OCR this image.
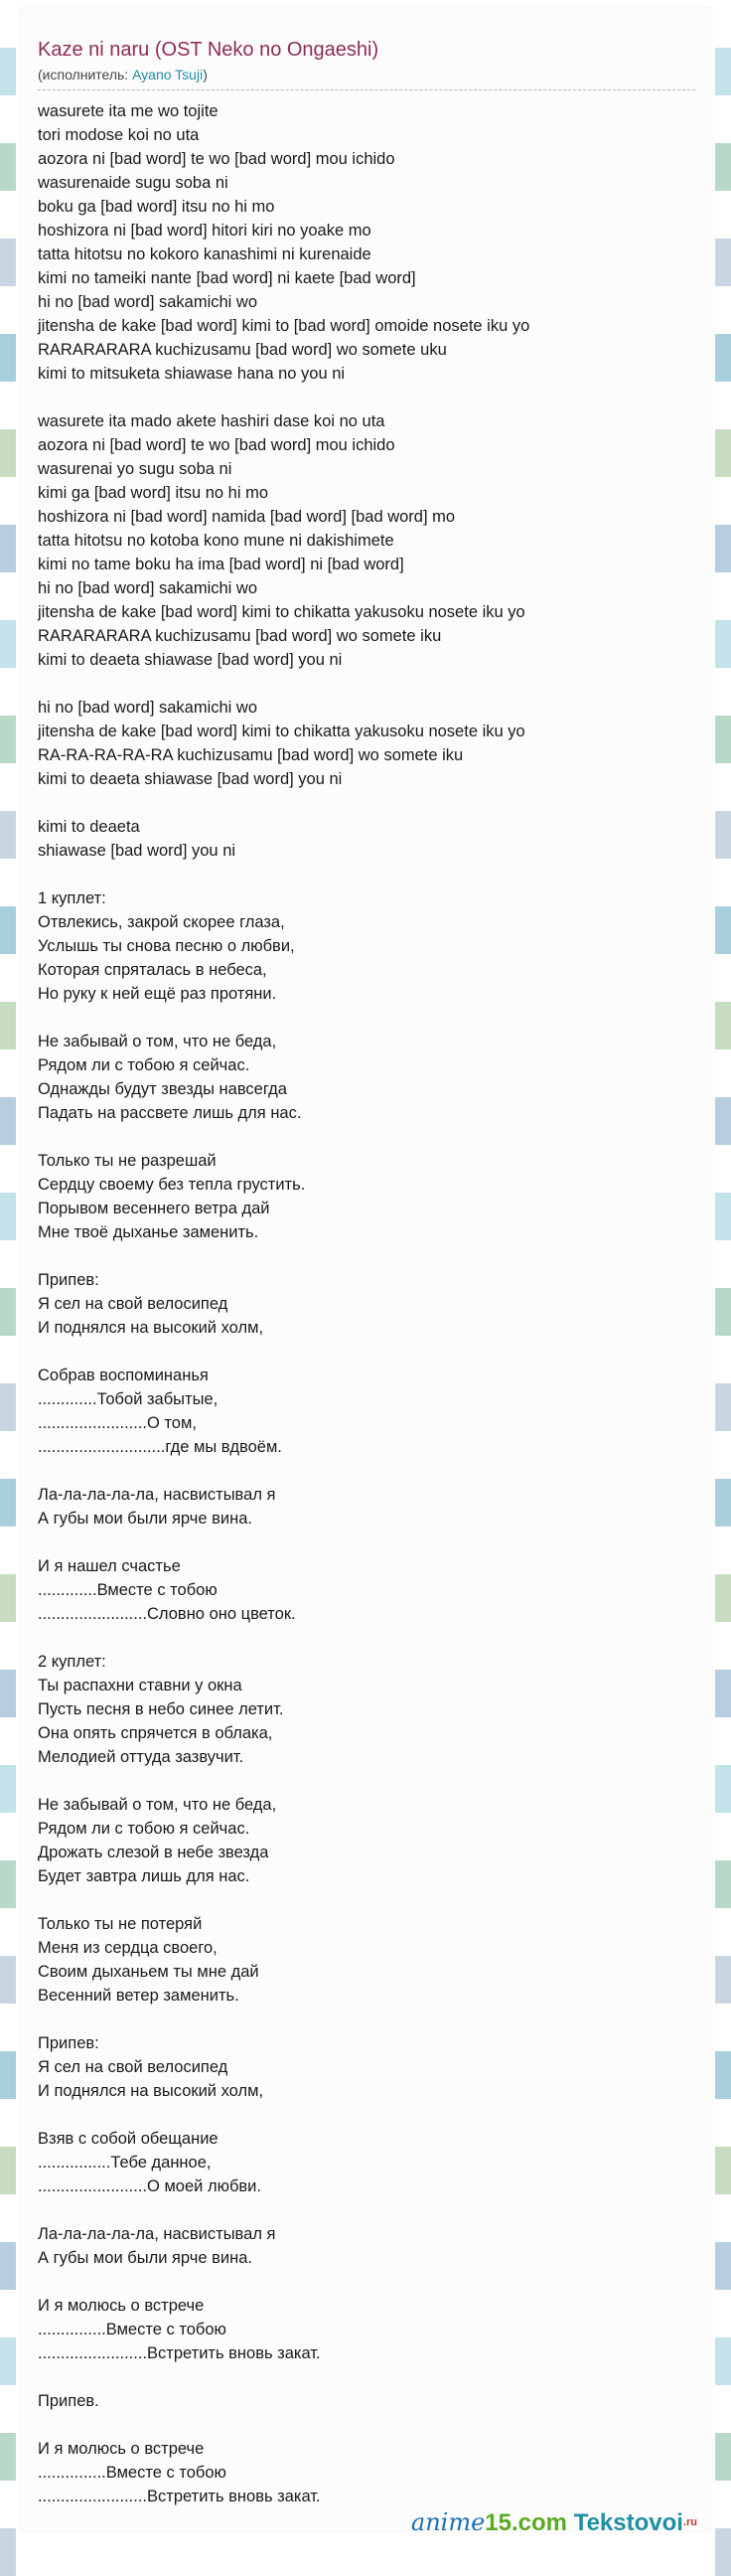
Kaze ni naru (OST Neko no Ongaeshi)
(исполнитель: Ayano Tsuji)
wasurete ita me wo tojite
tori modose koi no uta
aozora ni [bad word] te wo [bad word] mou ichido
wasurenaide sugu soba ni
boku ga [bad word] itsu no hi mo
hoshizora ni [bad word] hitori kiri no yoake mo
tatta hitotsu no kokoro kanashimi ni kurenaide
kimi no tameiki nante [bad word] ni kaete [bad word]
hi no [bad word] sakamichi wo
jitensha de kake [bad word] kimi to [bad word] omoide nosete iku yo
RARARARARA kuchizusamu [bad word] wo somete uku
kimi to mitsuketa shiawase hana no you ni
wasurete ita mado akete hashiri dase koi no uta
aozora ni [bad word] te wo [bad word] mou ichido
wasurenai yo sugu soba ni
kimi ga [bad word] itsu no hi mo
hoshizora ni [bad word] namida [bad word] [bad word] mo
tatta hitotsu no kotoba kono mune ni dakishimete
kimi no tame boku ha ima [bad word] ni [bad word]
hi no [bad word] sakamichi wo
jitensha de kake [bad word] kimi to chikatta yakusoku nosete iku yo
RARARARARA kuchizusamu [bad word] wo somete iku
kimi to deaeta shiawase [bad word] you ni
hi no [bad word] sakamichi wo
jitensha de kake [bad word] kimi to chikatta yakusoku nosete iku yo
RA-RA-RA-RA-RA kuchizusamu [bad word] wo somete iku
kimi to deaeta shiawase [bad word] you ni
kimi to deaeta
shiawase [bad word] you ni
1 куплет:
Отвлекись, закрой скорее глаза,
Услышь ты снова песню о любви,
Которая спряталась в небеса,
Но руку к ней ещё раз протяни.
Не забывай о том, что не беда,
Рядом ли с тобою я сейчас.
Однажды будут звезды навсегда
Падать на рассвете лишь для нас.
Только ты не разрешай
Сердцу своему без тепла грустить.
Порывом весеннего ветра дай
Мне твоё дыханье заменить.
Припев:
Я сел на свой велосипед
И поднялся на высокий холм,
Собрав воспоминанья
.............Тобой забытые,
........................О том,
............................где мы вдвоём.
Ла-ла-ла-ла-ла, насвистывал я
А губы мои были ярче вина.
И я нашел счастье
.............Вместе с тобою
........................Словно оно цветок.
2 куплет:
Ты распахни ставни у окна
Пусть песня в небо синее летит.
Она опять спрячется в облака,
Мелодией оттуда зазвучит.
Не забывай о том, что не беда,
Рядом ли с тобою я сейчас.
Дрожать слезой в небе звезда
Будет завтра лишь для нас.
Только ты не потеряй
Меня из сердца своего,
Своим дыханьем ты мне дай
Весенний ветер заменить.
Припев:
Я сел на свой велосипед
И поднялся на высокий холм,
Взяв с собой обещание
................Тебе данное,
........................О моей любви.
Ла-ла-ла-ла-ла, насвистывал я
А губы мои были ярче вина.
И я молюсь о встрече
...............Вместе с тобою
........................Встретить вновь закат.
Припев.
И я молюсь о встрече
...............Вместе с тобою
........................Встретить вновь закат.
anime15.com Tekstovoi$^{.ru}$
